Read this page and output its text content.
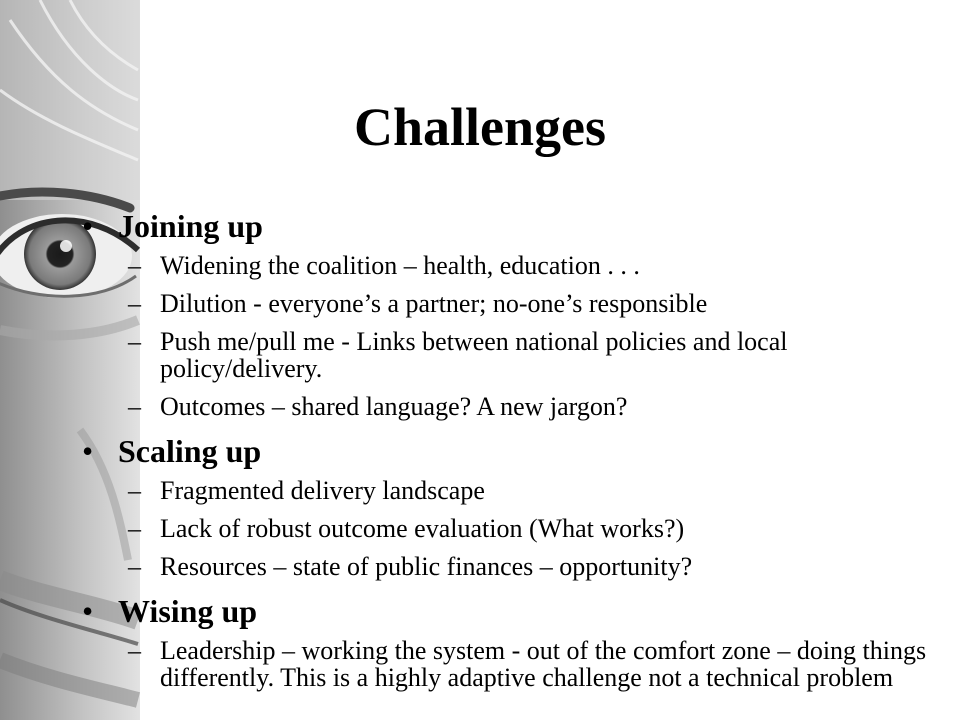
Challenges
• Joining up
– Widening the coalition – health, education . . .
– Dilution - everyone’s a partner; no-one’s responsible
– Push me/pull me - Links between national policies and local policy/delivery.
– Outcomes – shared language? A new jargon?
• Scaling up
– Fragmented delivery landscape
– Lack of robust outcome evaluation (What works?)
– Resources – state of public finances – opportunity?
• Wising up
– Leadership – working the system - out of the comfort zone – doing things differently. This is a highly adaptive challenge not a technical problem
